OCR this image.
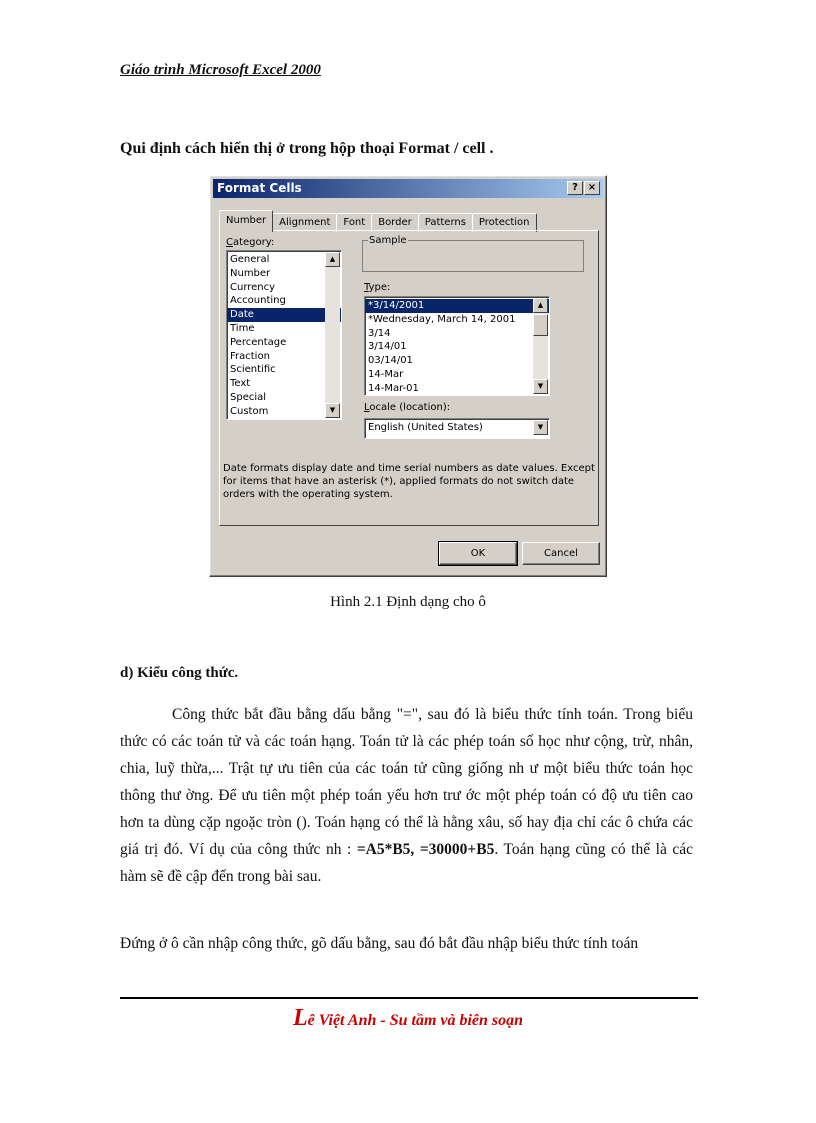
Giáo trình Microsoft Excel 2000
Qui định cách hiển thị ở trong hộp thoại Format / cell .
Format Cells	? ×
Number Alignment Font Border Patterns Protection
Category:
General
Number
Currency
Accounting
Date
Time
Percentage
Fraction
Scientific
Text
Special
Custom
▲
▼
Sample
Type:
*3/14/2001
*Wednesday, March 14, 2001
3/14
3/14/01
03/14/01
14-Mar
14-Mar-01
▲
▼
Locale (location):
English (United States)	▼
Date formats display date and time serial numbers as date values. Except for items that have an asterisk (*), applied formats do not switch date orders with the operating system.
OK	Cancel
Hình 2.1 Định dạng cho ô
d) Kiểu công thức.
Công thức bắt đầu bằng dấu bằng "=", sau đó là biểu thức tính toán. Trong biểu thức có các toán tử và các toán hạng. Toán tử là các phép toán số học như cộng, trừ, nhân, chia, luỹ thừa,... Trật tự ưu tiên của các toán tử cũng giống nh ư một biểu thức toán học thông thư ờng. Để ưu tiên một phép toán yếu hơn trư ớc một phép toán có độ ưu tiên cao hơn ta dùng cặp ngoặc tròn (). Toán hạng có thể là hằng xâu, số hay địa chỉ các ô chứa các giá trị đó. Ví dụ của công thức nh : =A5*B5, =30000+B5. Toán hạng cũng có thể là các hàm sẽ đề cập đến trong bài sau.
Đứng ở ô cần nhập công thức, gõ dấu bằng, sau đó bắt đầu nhập biểu thức tính toán
Lê Việt Anh - Su tầm và biên soạn
